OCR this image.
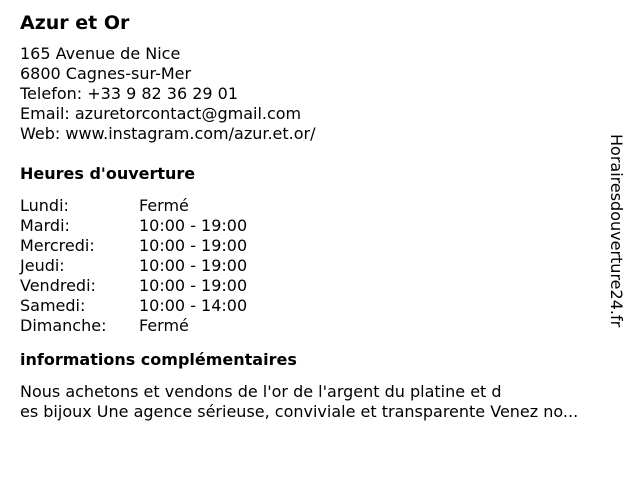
Azur et Or
165 Avenue de Nice
6800 Cagnes-sur-Mer
Telefon: +33 9 82 36 29 01
Email: azuretorcontact@gmail.com
Web: www.instagram.com/azur.et.or/
Heures d'ouverture
Lundi:	Fermé
Mardi:	10:00 - 19:00
Mercredi:	10:00 - 19:00
Jeudi:	10:00 - 19:00
Vendredi:	10:00 - 19:00
Samedi:	10:00 - 14:00
Dimanche:	Fermé
informations complémentaires
Nous achetons et vendons de l'or de l'argent du platine et d
es bijoux Une agence sérieuse, conviviale et transparente Venez no...
Horairesdouverture24.fr
